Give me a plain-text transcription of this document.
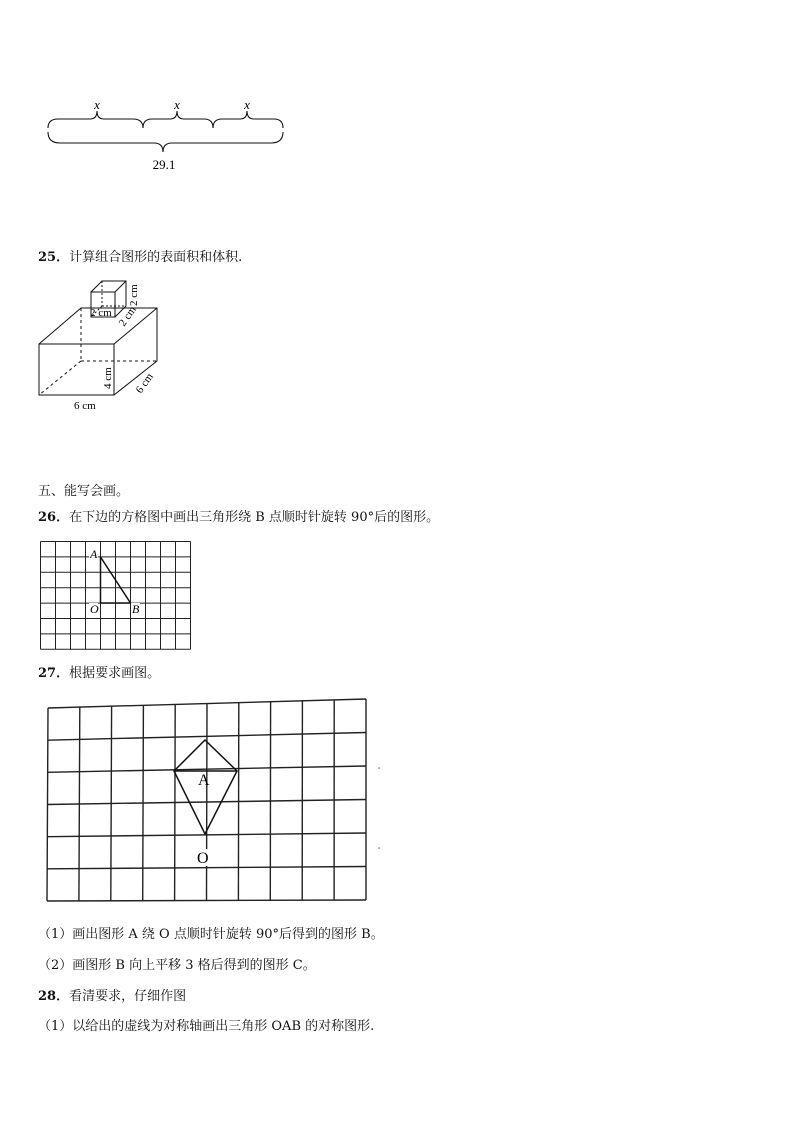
x	x	x
29.1
25．计算组合图形的表面积和体积.
2 cm 2 cm
2 cm
4 cm 6 cm
6 cm
五、能写会画。
26．在下边的方格图中画出三角形绕 B 点顺时针旋转 90°后的图形。
A
O	B
27．根据要求画图。
A
O
（1）画出图形 A 绕 O 点顺时针旋转 90°后得到的图形 B。
（2）画图形 B 向上平移 3 格后得到的图形 C。
28．看清要求，仔细作图
（1）以给出的虚线为对称轴画出三角形 OAB 的对称图形.
